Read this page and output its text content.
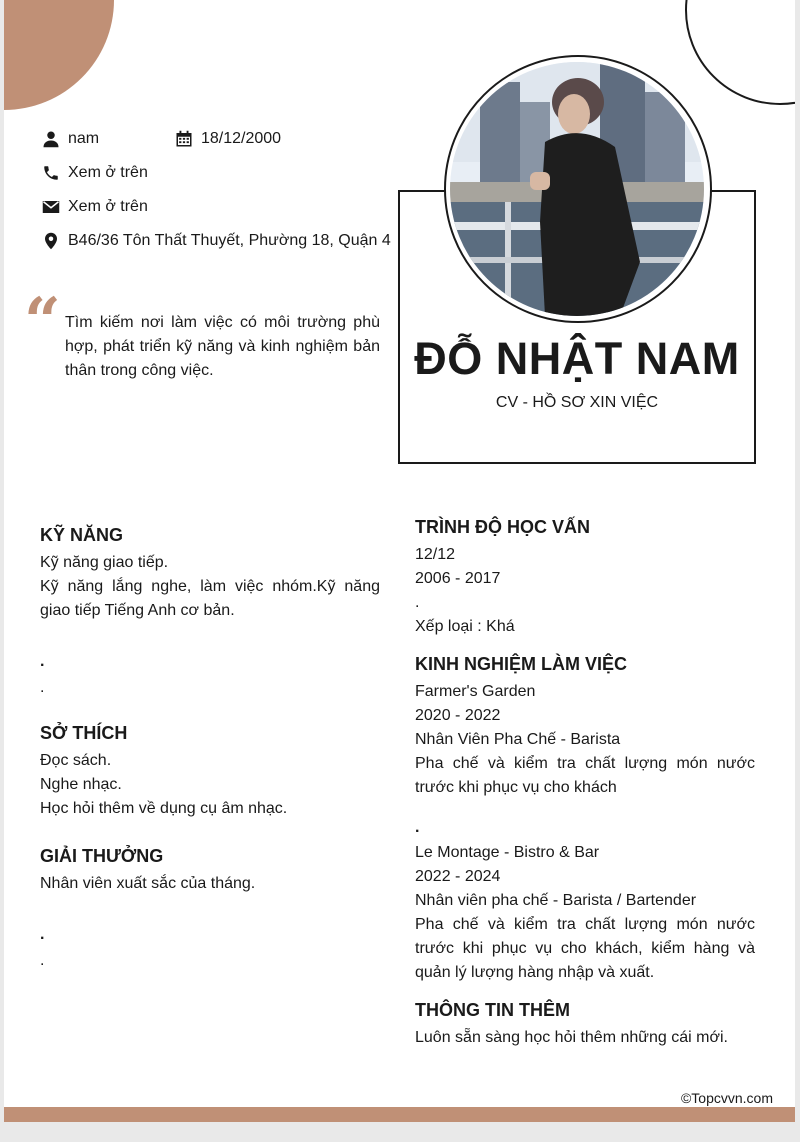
nam	18/12/2000
Xem ở trên
Xem ở trên
B46/36 Tôn Thất Thuyết, Phường 18, Quận 4
“ Tìm kiếm nơi làm việc có môi trường phù hợp, phát triển kỹ năng và kinh nghiệm bản thân trong công việc.	ĐỖ NHẬT NAM
CV - HỒ SƠ XIN VIỆC
KỸ NĂNG
Kỹ năng giao tiếp.
Kỹ năng lắng nghe, làm việc nhóm.Kỹ năng giao tiếp Tiếng Anh cơ bản.
.
.
SỞ THÍCH
Đọc sách.
Nghe nhạc.
Học hỏi thêm về dụng cụ âm nhạc.
GIẢI THƯỞNG
Nhân viên xuất sắc của tháng.
.
.
TRÌNH ĐỘ HỌC VẤN
12/12
2006 - 2017
.
Xếp loại : Khá
KINH NGHIỆM LÀM VIỆC
Farmer's Garden
2020 - 2022
Nhân Viên Pha Chế - Barista
Pha chế và kiểm tra chất lượng món nước trước khi phục vụ cho khách
.
Le Montage - Bistro & Bar
2022 - 2024
Nhân viên pha chế - Barista / Bartender
Pha chế và kiểm tra chất lượng món nước trước khi phục vụ cho khách, kiểm hàng và quản lý lượng hàng nhập và xuất.
THÔNG TIN THÊM
Luôn sẵn sàng học hỏi thêm những cái mới.
©Topcvvn.com
